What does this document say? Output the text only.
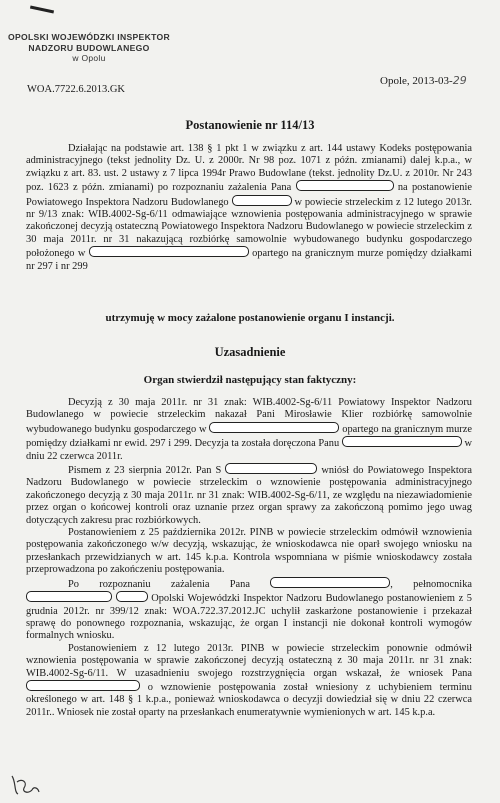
OPOLSKI WOJEWÓDZKI INSPEKTOR
NADZORU BUDOWLANEGO
w Opolu
Opole, 2013-03-29
WOA.7722.6.2013.GK
Postanowienie nr 114/13

Działając na podstawie art. 138 § 1 pkt 1 w związku z art. 144 ustawy Kodeks postępowania administracyjnego (tekst jednolity Dz. U. z 2000r. Nr 98 poz. 1071 z późn. zmianami) dalej k.p.a., w związku z art. 83. ust. 2 ustawy z 7 lipca 1994r Prawo Budowlane (tekst. jednolity Dz.U. z 2010r. Nr 243 poz. 1623 z późn. zmianami) po rozpoznaniu zażalenia Pana	na postanowienie Powiatowego Inspektora Nadzoru Budowlanego	w powiecie strzeleckim z 12 lutego 2013r. nr 9/13 znak: WIB.4002-Sg-6/11 odmawiające wznowienia postępowania administracyjnego w sprawie zakończonej decyzją ostateczną Powiatowego Inspektora Nadzoru Budowlanego w powiecie strzeleckim z 30 maja 2011r. nr 31 nakazującą rozbiórkę samowolnie wybudowanego budynku gospodarczego położonego w	opartego na granicznym murze pomiędzy działkami nr 297 i nr 299

utrzymuję w mocy zażalone postanowienie organu I instancji.
Uzasadnienie
Organ stwierdził następujący stan faktyczny:

Decyzją z 30 maja 2011r. nr 31 znak: WIB.4002-Sg-6/11 Powiatowy Inspektor Nadzoru Budowlanego w powiecie strzeleckim nakazał Pani Mirosławie Klier rozbiórkę samowolnie wybudowanego budynku gospodarczego w	opartego na granicznym murze pomiędzy działkami nr ewid. 297 i 299. Decyzja ta została doręczona Panu	w dniu 22 czerwca 2011r.

Pismem z 23 sierpnia 2012r. Pan S	wniósł do Powiatowego Inspektora Nadzoru Budowlanego w powiecie strzeleckim o wznowienie postępowania administracyjnego zakończonego decyzją z 30 maja 2011r. nr 31 znak: WIB.4002-Sg-6/11, ze względu na niezawiadomienie przez organ o końcowej kontroli oraz uznanie przez organ sprawy za zakończoną pomimo jego uwag dotyczących zakresu prac rozbiórkowych.

Postanowieniem z 25 października 2012r. PINB w powiecie strzeleckim odmówił wznowienia postępowania zakończonego w/w decyzją, wskazując, że wnioskodawca nie oparł swojego wniosku na przesłankach przewidzianych w art. 145 k.p.a. Kontrola wspomniana w piśmie wnioskodawcy została przeprowadzona po zakończeniu postępowania.

Po rozpoznaniu zażalenia Pana	, pełnomocnika   Opolski Wojewódzki Inspektor Nadzoru Budowlanego postanowieniem z 5 grudnia 2012r. nr 399/12 znak: WOA.722.37.2012.JC uchylił zaskarżone postanowienie i przekazał sprawę do ponownego rozpoznania, wskazując, że organ I instancji nie dokonał kontroli wymogów formalnych wniosku.

Postanowieniem z 12 lutego 2013r. PINB w powiecie strzeleckim ponownie odmówił wznowienia postępowania w sprawie zakończonej decyzją ostateczną z 30 maja 2011r. nr 31 znak: WIB.4002-Sg-6/11. W uzasadnieniu swojego rozstrzygnięcia organ wskazał, że wniosek Pana  o wznowienie postępowania został wniesiony z uchybieniem terminu określonego w art. 148 § 1 k.p.a., ponieważ wnioskodawca o decyzji dowiedział się w dniu 22 czerwca 2011r.. Wniosek nie został oparty na przesłankach enumeratywnie wymienionych w art. 145 k.p.a.
